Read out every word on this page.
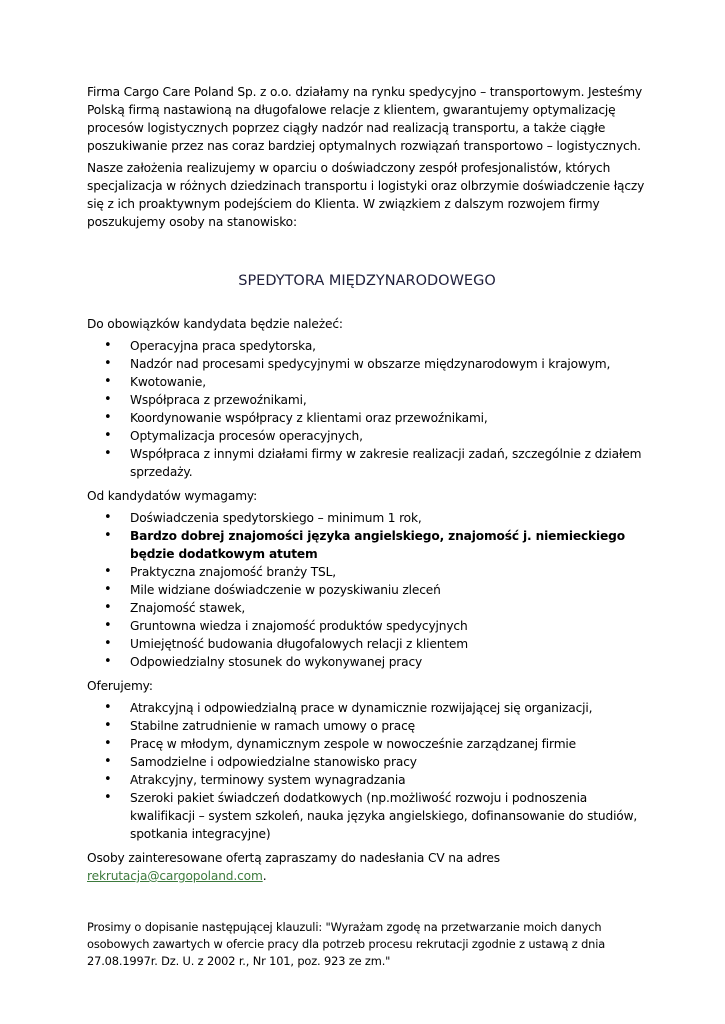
Firma Cargo Care Poland Sp. z o.o. działamy na rynku spedycyjno – transportowym. Jesteśmy Polską firmą nastawioną na długofalowe relacje z klientem, gwarantujemy optymalizację procesów logistycznych poprzez ciągły nadzór nad realizacją transportu, a także ciągłe poszukiwanie przez nas coraz bardziej optymalnych rozwiązań transportowo – logistycznych.

Nasze założenia realizujemy w oparciu o doświadczony zespół profesjonalistów, których specjalizacja w różnych dziedzinach transportu i logistyki oraz olbrzymie doświadczenie łączy się z ich proaktywnym podejściem do Klienta. W związkiem z dalszym rozwojem firmy poszukujemy osoby na stanowisko:

SPEDYTORA MIĘDZYNARODOWEGO

Do obowiązków kandydata będzie należeć:

• Operacyjna praca spedytorska,
• Nadzór nad procesami spedycyjnymi w obszarze międzynarodowym i krajowym,
• Kwotowanie,
• Współpraca z przewoźnikami,
• Koordynowanie współpracy z klientami oraz przewoźnikami,
• Optymalizacja procesów operacyjnych,
• Współpraca z innymi działami firmy w zakresie realizacji zadań, szczególnie z działem sprzedaży.

Od kandydatów wymagamy:

• Doświadczenia spedytorskiego – minimum 1 rok,
• Bardzo dobrej znajomości języka angielskiego, znajomość j. niemieckiego będzie dodatkowym atutem
• Praktyczna znajomość branży TSL,
• Mile widziane doświadczenie w pozyskiwaniu zleceń
• Znajomość stawek,
• Gruntowna wiedza i znajomość produktów spedycyjnych
• Umiejętność budowania długofalowych relacji z klientem
• Odpowiedzialny stosunek do wykonywanej pracy

Oferujemy:

• Atrakcyjną i odpowiedzialną prace w dynamicznie rozwijającej się organizacji,
• Stabilne zatrudnienie w ramach umowy o pracę
• Pracę w młodym, dynamicznym zespole w nowocześnie zarządzanej firmie
• Samodzielne i odpowiedzialne stanowisko pracy
• Atrakcyjny, terminowy system wynagradzania
• Szeroki pakiet świadczeń dodatkowych (np.możliwość rozwoju i podnoszenia kwalifikacji – system szkoleń, nauka języka angielskiego, dofinansowanie do studiów, spotkania integracyjne)

Osoby zainteresowane ofertą zapraszamy do nadesłania CV na adres rekrutacja@cargopoland.com.

Prosimy o dopisanie następującej klauzuli: "Wyrażam zgodę na przetwarzanie moich danych osobowych zawartych w ofercie pracy dla potrzeb procesu rekrutacji zgodnie z ustawą z dnia 27.08.1997r. Dz. U. z 2002 r., Nr 101, poz. 923 ze zm."
